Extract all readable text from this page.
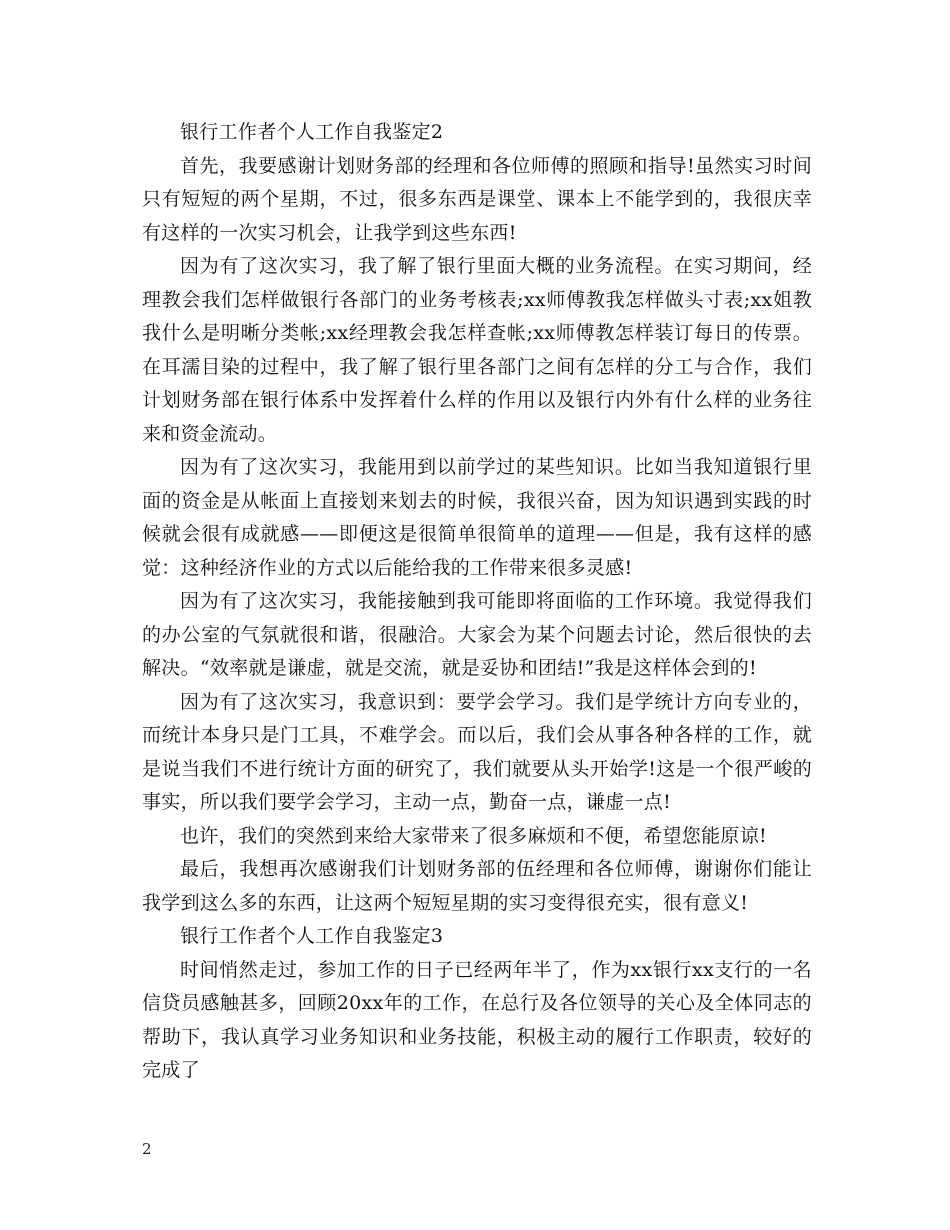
银行工作者个人工作自我鉴定2

首先，我要感谢计划财务部的经理和各位师傅的照顾和指导!虽然实习时间只有短短的两个星期，不过，很多东西是课堂、课本上不能学到的，我很庆幸有这样的一次实习机会，让我学到这些东西!

因为有了这次实习，我了解了银行里面大概的业务流程。在实习期间，经理教会我们怎样做银行各部门的业务考核表;xx师傅教我怎样做头寸表;xx姐教我什么是明晰分类帐;xx经理教会我怎样查帐;xx师傅教怎样装订每日的传票。在耳濡目染的过程中，我了解了银行里各部门之间有怎样的分工与合作，我们计划财务部在银行体系中发挥着什么样的作用以及银行内外有什么样的业务往来和资金流动。

因为有了这次实习，我能用到以前学过的某些知识。比如当我知道银行里面的资金是从帐面上直接划来划去的时候，我很兴奋，因为知识遇到实践的时候就会很有成就感——即便这是很简单很简单的道理——但是，我有这样的感觉：这种经济作业的方式以后能给我的工作带来很多灵感!

因为有了这次实习，我能接触到我可能即将面临的工作环境。我觉得我们的办公室的气氛就很和谐，很融洽。大家会为某个问题去讨论，然后很快的去解决。“效率就是谦虚，就是交流，就是妥协和团结!”我是这样体会到的!

因为有了这次实习，我意识到：要学会学习。我们是学统计方向专业的，而统计本身只是门工具，不难学会。而以后，我们会从事各种各样的工作，就是说当我们不进行统计方面的研究了，我们就要从头开始学!这是一个很严峻的事实，所以我们要学会学习，主动一点，勤奋一点，谦虚一点!

也许，我们的突然到来给大家带来了很多麻烦和不便，希望您能原谅!

最后，我想再次感谢我们计划财务部的伍经理和各位师傅，谢谢你们能让我学到这么多的东西，让这两个短短星期的实习变得很充实，很有意义!

银行工作者个人工作自我鉴定3

时间悄然走过，参加工作的日子已经两年半了，作为xx银行xx支行的一名信贷员感触甚多，回顾20xx年的工作，在总行及各位领导的关心及全体同志的帮助下，我认真学习业务知识和业务技能，积极主动的履行工作职责，较好的完成了

2
